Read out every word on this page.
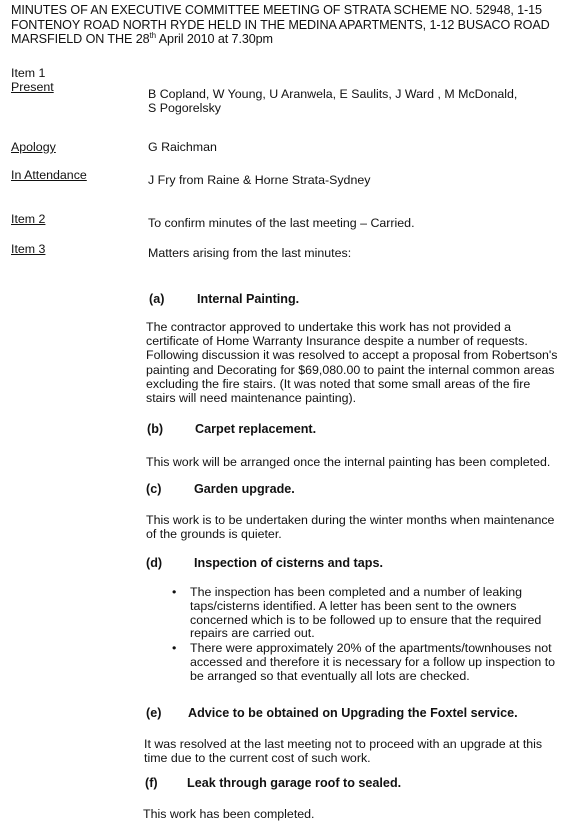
MINUTES OF AN EXECUTIVE COMMITTEE MEETING OF STRATA SCHEME NO. 52948, 1-15
FONTENOY ROAD NORTH RYDE HELD IN THE MEDINA APARTMENTS, 1-12 BUSACO ROAD
MARSFIELD ON THE 28th April 2010 at 7.30pm
Item 1
Present	B Copland, W Young, U Aranwela, E Saulits, J Ward , M McDonald,
S Pogorelsky
Apology	G Raichman
In Attendance	J Fry from Raine & Horne Strata-Sydney
Item 2	To confirm minutes of the last meeting – Carried.
Item 3	Matters arising from the last minutes:
(a)	Internal Painting.
The contractor approved to undertake this work has not provided a
certificate of Home Warranty Insurance despite a number of requests.
Following discussion it was resolved to accept a proposal from Robertson's
painting and Decorating for $69,080.00 to paint the internal common areas
excluding the fire stairs. (It was noted that some small areas of the fire
stairs will need maintenance painting).
(b)	Carpet replacement.
This work will be arranged once the internal painting has been completed.
(c)	Garden upgrade.
This work is to be undertaken during the winter months when maintenance
of the grounds is quieter.
(d)	Inspection of cisterns and taps.
• The inspection has been completed and a number of leaking
taps/cisterns identified. A letter has been sent to the owners
concerned which is to be followed up to ensure that the required
repairs are carried out.
• There were approximately 20% of the apartments/townhouses not
accessed and therefore it is necessary for a follow up inspection to
be arranged so that eventually all lots are checked.
(e) Advice to be obtained on Upgrading the Foxtel service.
It was resolved at the last meeting not to proceed with an upgrade at this
time due to the current cost of such work.
(f) Leak through garage roof to sealed.
This work has been completed.
